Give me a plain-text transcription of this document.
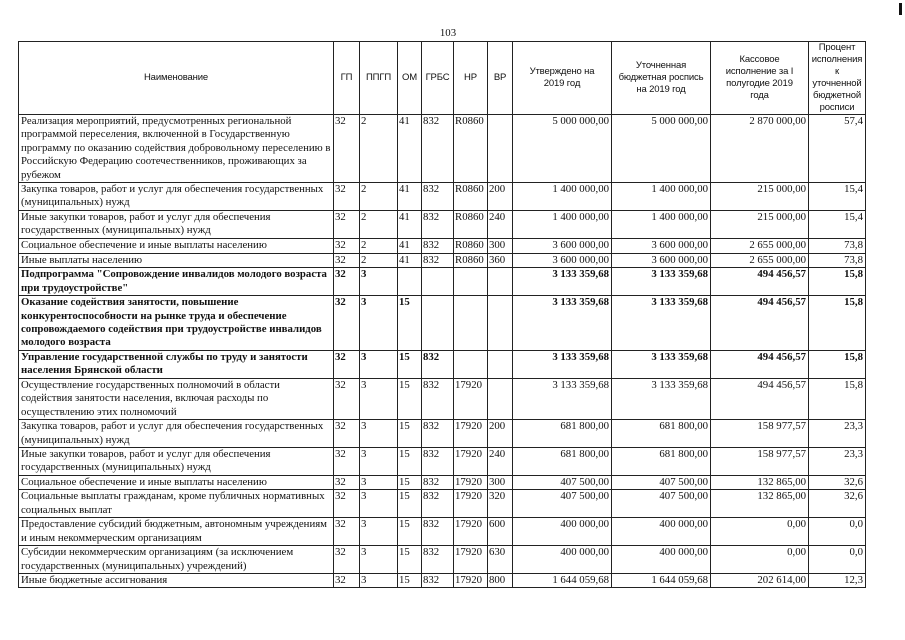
103
Наименование	ГП	ППГП	ОМ	ГРБС	НР	ВР	Утверждено на 2019 год	Уточненная бюджетная роспись на 2019 год	Кассовое исполнение за I полугодие 2019 года	Процент исполнения к уточненной бюджетной росписи
Реализация мероприятий, предусмотренных региональной программой переселения, включенной в Государственную программу по оказанию содействия добровольному переселению в Российскую Федерацию соотечественников, проживающих за рубежом	32	2	41	832	R0860		5 000 000,00	5 000 000,00	2 870 000,00	57,4
Закупка товаров, работ и услуг для обеспечения государственных (муниципальных) нужд	32	2	41	832	R0860	200	1 400 000,00	1 400 000,00	215 000,00	15,4
Иные закупки товаров, работ и услуг для обеспечения государственных (муниципальных) нужд	32	2	41	832	R0860	240	1 400 000,00	1 400 000,00	215 000,00	15,4
Социальное обеспечение и иные выплаты населению	32	2	41	832	R0860	300	3 600 000,00	3 600 000,00	2 655 000,00	73,8
Иные выплаты населению	32	2	41	832	R0860	360	3 600 000,00	3 600 000,00	2 655 000,00	73,8
Подпрограмма "Сопровождение инвалидов молодого возраста при трудоустройстве"	32	3					3 133 359,68	3 133 359,68	494 456,57	15,8
Оказание содействия занятости, повышение конкурентоспособности на рынке труда и обеспечение сопровождаемого содействия при трудоустройстве инвалидов молодого возраста	32	3	15				3 133 359,68	3 133 359,68	494 456,57	15,8
Управление государственной службы по труду и занятости населения Брянской области	32	3	15	832			3 133 359,68	3 133 359,68	494 456,57	15,8
Осуществление государственных полномочий в области содействия занятости населения, включая расходы по осуществлению этих полномочий	32	3	15	832	17920		3 133 359,68	3 133 359,68	494 456,57	15,8
Закупка товаров, работ и услуг для обеспечения государственных (муниципальных) нужд	32	3	15	832	17920	200	681 800,00	681 800,00	158 977,57	23,3
Иные закупки товаров, работ и услуг для обеспечения государственных (муниципальных) нужд	32	3	15	832	17920	240	681 800,00	681 800,00	158 977,57	23,3
Социальное обеспечение и иные выплаты населению	32	3	15	832	17920	300	407 500,00	407 500,00	132 865,00	32,6
Социальные выплаты гражданам, кроме публичных нормативных социальных выплат	32	3	15	832	17920	320	407 500,00	407 500,00	132 865,00	32,6
Предоставление субсидий бюджетным, автономным учреждениям и иным некоммерческим организациям	32	3	15	832	17920	600	400 000,00	400 000,00	0,00	0,0
Субсидии некоммерческим организациям (за исключением государственных (муниципальных) учреждений)	32	3	15	832	17920	630	400 000,00	400 000,00	0,00	0,0
Иные бюджетные ассигнования	32	3	15	832	17920	800	1 644 059,68	1 644 059,68	202 614,00	12,3
